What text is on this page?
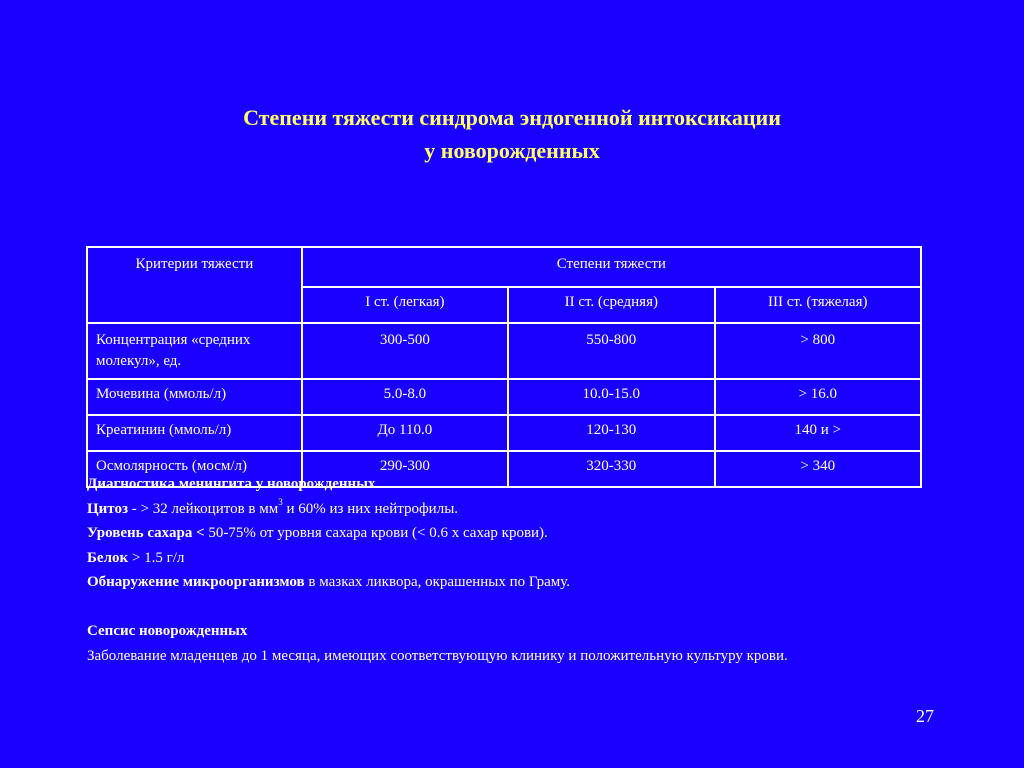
Степени тяжести синдрома эндогенной интоксикации
у новорожденных
Критерии тяжести	Степени тяжести		
	I ст. (легкая)	II ст. (средняя)	III ст. (тяжелая)
Концентрация «средних молекул», ед.	300-500	550-800	> 800
Мочевина (ммоль/л)	5.0-8.0	10.0-15.0	> 16.0
Креатинин (ммоль/л)	До 110.0	120-130	140 и >
Осмолярность (мосм/л)	290-300	320-330	> 340

Диагностика менингита у новорожденных

Цитоз - > 32 лейкоцитов в $мм^3$ и 60% из них нейтрофилы.

Уровень сахара < 50-75% от уровня сахара крови (< 0.6 х сахар крови).

Белок > 1.5 г/л

Обнаружение микроорганизмов в мазках ликвора, окрашенных по Граму.

Сепсис новорожденных

Заболевание младенцев до 1 месяца, имеющих соответствующую клинику и положительную культуру крови.

27
